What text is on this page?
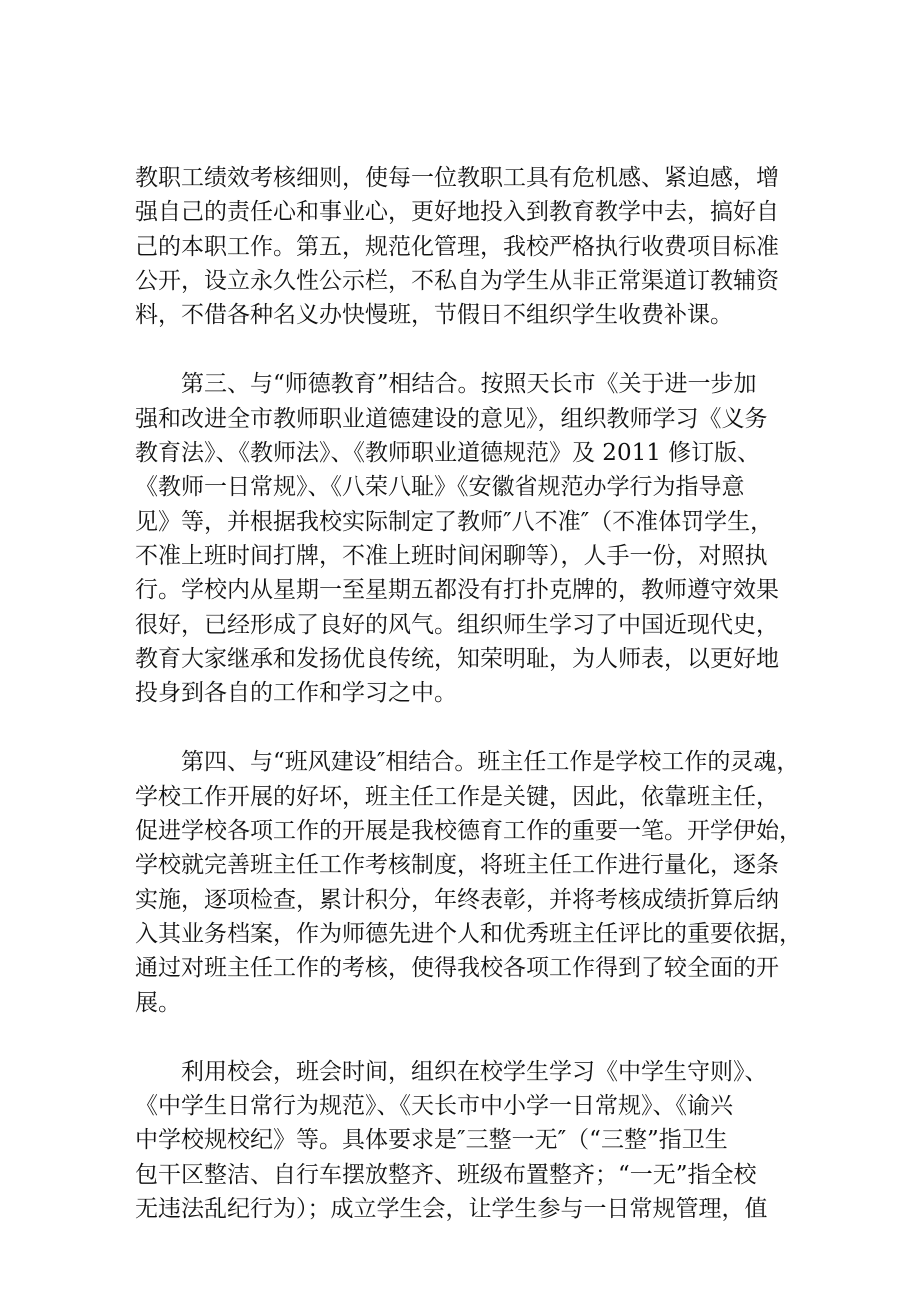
教职工绩效考核细则，使每一位教职工具有危机感、紧迫感，增
强自己的责任心和事业心，更好地投入到教育教学中去，搞好自
己的本职工作。第五，规范化管理，我校严格执行收费项目标准
公开，设立永久性公示栏，不私自为学生从非正常渠道订教辅资
料，不借各种名义办快慢班，节假日不组织学生收费补课。
　　第三、与“师德教育”相结合。按照天长市《关于进一步加
强和改进全市教师职业道德建设的意见》，组织教师学习《义务
教育法》、《教师法》、《教师职业道德规范》及 2011 修订版、
《教师一日常规》、《八荣八耻》《安徽省规范办学行为指导意
见》等，并根据我校实际制定了教师″八不准″（不准体罚学生，
不准上班时间打牌，不准上班时间闲聊等），人手一份，对照执
行。学校内从星期一至星期五都没有打扑克牌的，教师遵守效果
很好，已经形成了良好的风气。组织师生学习了中国近现代史，
教育大家继承和发扬优良传统，知荣明耻，为人师表，以更好地
投身到各自的工作和学习之中。
　　第四、与“班风建设″相结合。班主任工作是学校工作的灵魂，
学校工作开展的好坏，班主任工作是关键，因此，依靠班主任，
促进学校各项工作的开展是我校德育工作的重要一笔。开学伊始，
学校就完善班主任工作考核制度，将班主任工作进行量化，逐条
实施，逐项检查，累计积分，年终表彰，并将考核成绩折算后纳
入其业务档案，作为师德先进个人和优秀班主任评比的重要依据，
通过对班主任工作的考核，使得我校各项工作得到了较全面的开
展。
　　利用校会，班会时间，组织在校学生学习《中学生守则》、
《中学生日常行为规范》、《天长市中小学一日常规》、《谕兴
中学校规校纪》等。具体要求是″三整一无″（“三整”指卫生
包干区整洁、自行车摆放整齐、班级布置整齐；“一无”指全校
无违法乱纪行为）；成立学生会，让学生参与一日常规管理，值
